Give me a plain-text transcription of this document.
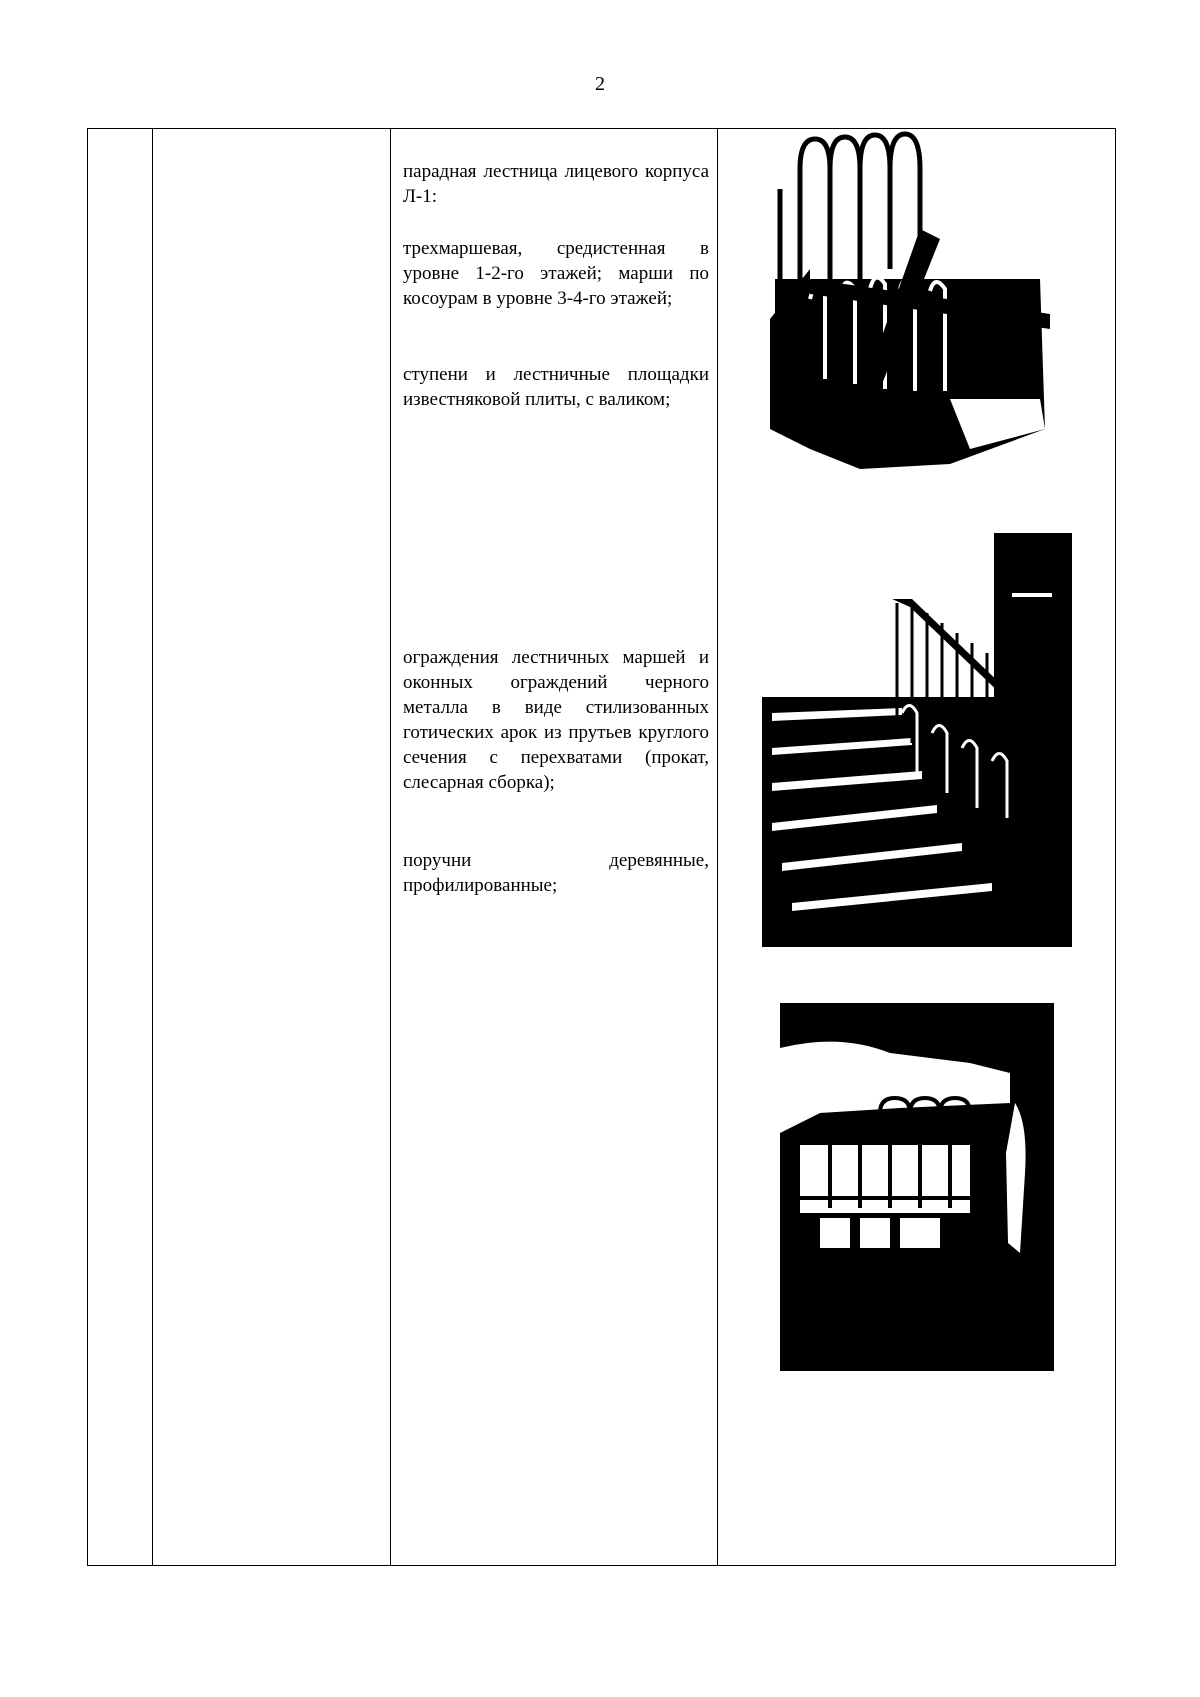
2

парадная лестница лицевого корпуса Л-1:
трехмаршевая, средистенная в уровне 1-2-го этажей; марши по косоурам в уровне 3-4-го этажей;
ступени и лестничные площадки известняковой плиты, с валиком;
ограждения лестничных маршей и оконных ограждений черного металла в виде стилизованных готических арок из прутьев круглого сечения с перехватами (прокат, слесарная сборка);
поручни деревянные, профилированные;
